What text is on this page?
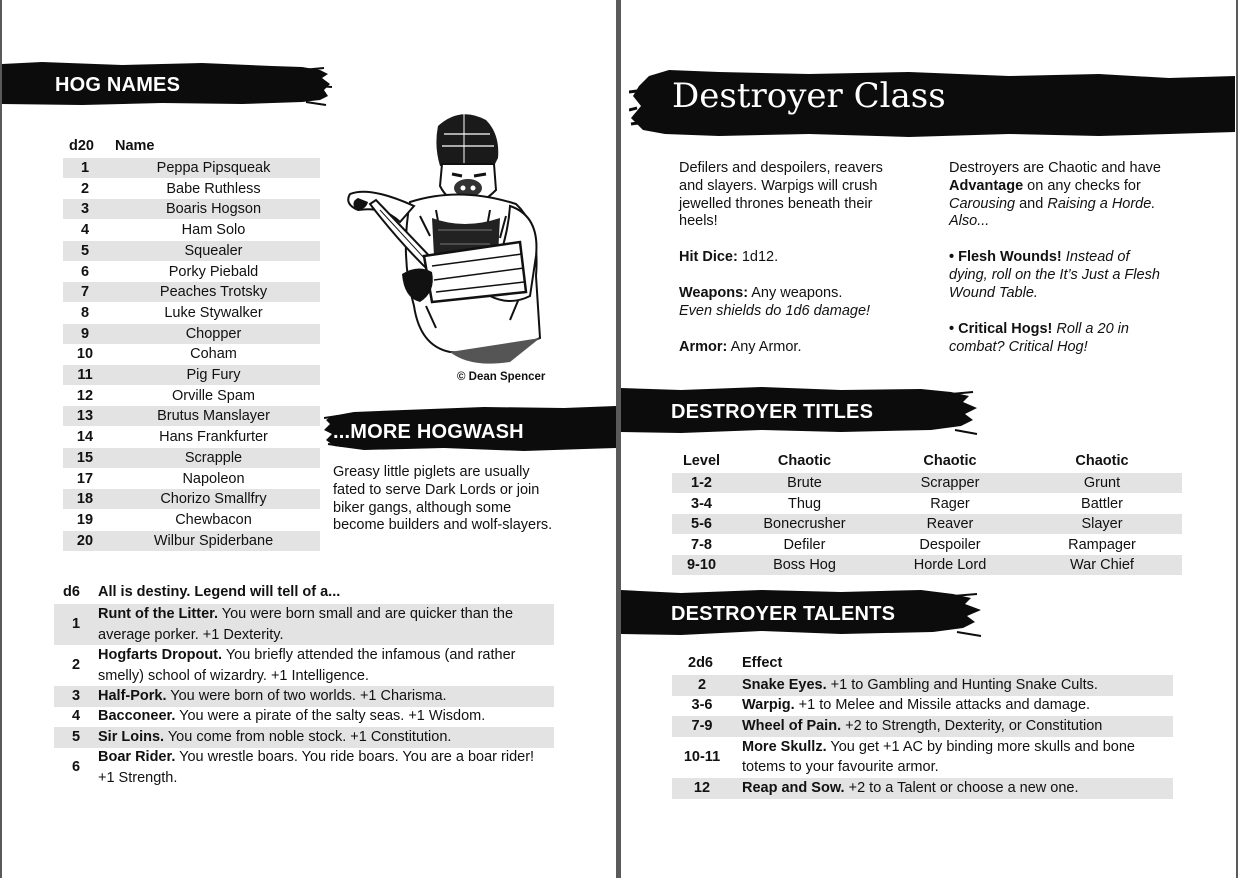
HOG NAMES
d20 Name
1	Peppa Pipsqueak
2	Babe Ruthless
3	Boaris Hogson
4	Ham Solo
5	Squealer
6	Porky Piebald
7	Peaches Trotsky
8	Luke Stywalker
9	Chopper
10	Coham
11	Pig Fury
12	Orville Spam
13	Brutus Manslayer
14	Hans Frankfurter
15	Scrapple
17	Napoleon
18	Chorizo Smallfry
19	Chewbacon
20	Wilbur Spiderbane
© Dean Spencer
...MORE HOGWASH
Greasy little piglets are usually fated to serve Dark Lords or join biker gangs, although some become builders and wolf-slayers.
d6 All is destiny. Legend will tell of a...
1
Runt of the Litter. You were born small and are quicker than the average porker. +1 Dexterity.
2
Hogfarts Dropout. You briefly attended the infamous (and rather smelly) school of wizardry. +1 Intelligence.
3	Half-Pork. You were born of two worlds. +1 Charisma.
4	Bacconeer. You were a pirate of the salty seas. +1 Wisdom.
5	Sir Loins. You come from noble stock. +1 Constitution.
6
Boar Rider. You wrestle boars. You ride boars. You are a boar rider! +1 Strength.
Destroyer Class
Defilers and despoilers, reavers and slayers. Warpigs will crush jewelled thrones beneath their heels!
Hit Dice: 1d12.
Weapons: Any weapons.
Even shields do 1d6 damage!
Armor: Any Armor.
Destroyers are Chaotic and have Advantage on any checks for Carousing and Raising a Horde. Also...
• Flesh Wounds! Instead of dying, roll on the It’s Just a Flesh Wound Table.
• Critical Hogs! Roll a 20 in combat? Critical Hog!
DESTROYER TITLES
Level	Chaotic	Chaotic	Chaotic
1-2	Brute	Scrapper	Grunt
3-4	Thug	Rager	Battler
5-6	Bonecrusher	Reaver	Slayer
7-8	Defiler	Despoiler	Rampager
9-10	Boss Hog	Horde Lord	War Chief
DESTROYER TALENTS
2d6 Effect
2	Snake Eyes. +1 to Gambling and Hunting Snake Cults.
3-6	Warpig. +1 to Melee and Missile attacks and damage.
7-9	Wheel of Pain. +2 to Strength, Dexterity, or Constitution
10-11
More Skullz. You get +1 AC by binding more skulls and bone totems to your favourite armor.
12	Reap and Sow. +2 to a Talent or choose a new one.
